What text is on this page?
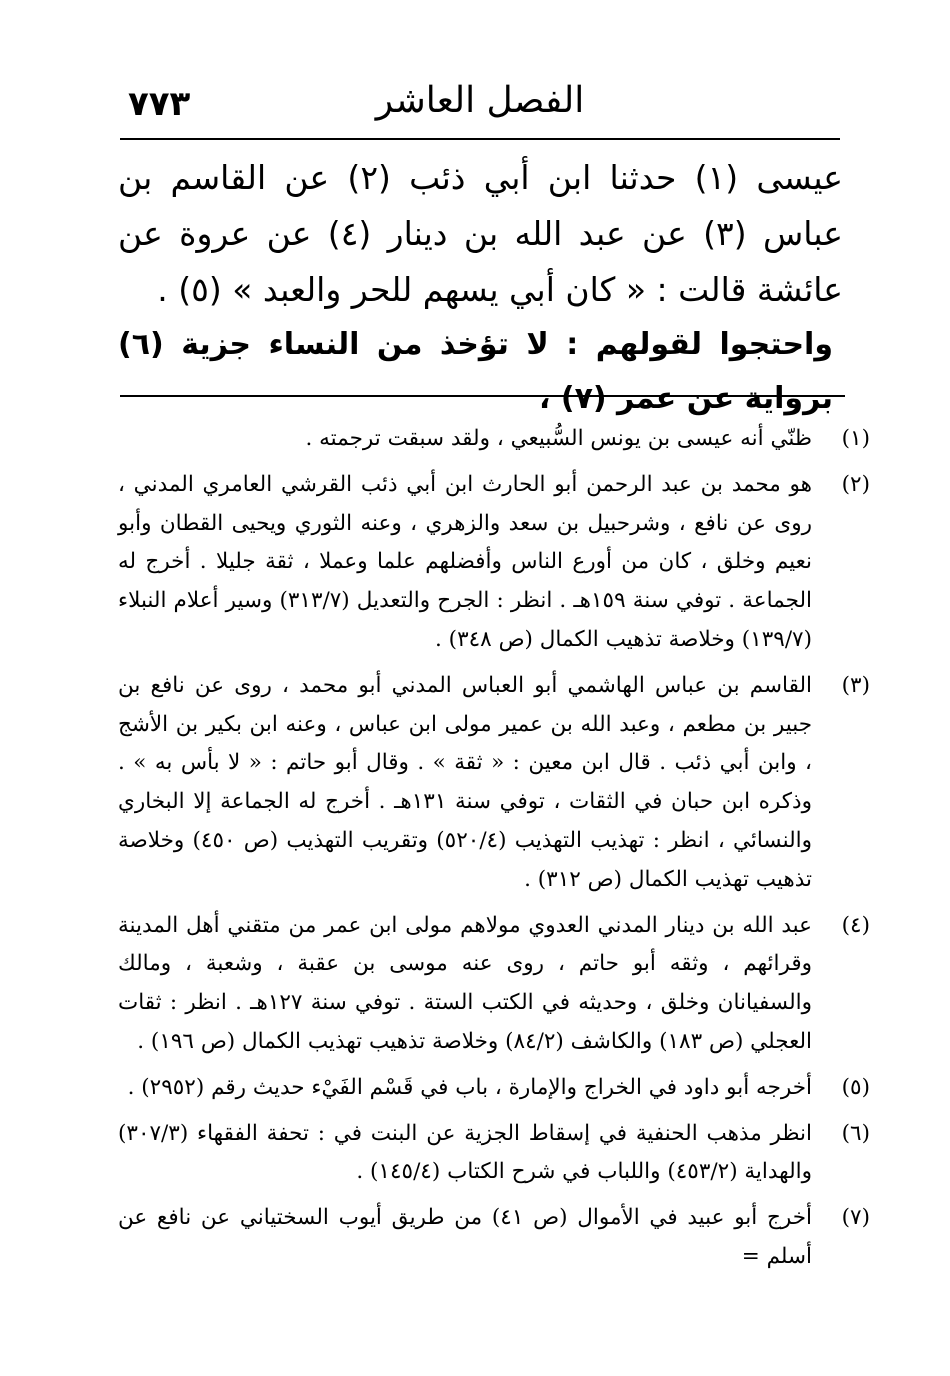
٧٧٣	الفصل العاشر

عيسى (١) حدثنا ابن أبي ذئب (٢) عن القاسم بن عباس (٣) عن عبد الله بن دينار (٤) عن عروة عن عائشة قالت : « كان أبي يسهم للحر والعبد » (٥) .

واحتجوا لقولهم : لا تؤخذ من النساء جزية (٦) برواية عن عمر (٧) ،

(١)
ظنّي أنه عيسى بن يونس السُّبيعي ، ولقد سبقت ترجمته .
(٢)
هو محمد بن عبد الرحمن أبو الحارث ابن أبي ذئب القرشي العامري المدني ، روى عن نافع ، وشرحبيل بن سعد والزهري ، وعنه الثوري ويحيى القطان وأبو نعيم وخلق ، كان من أورع الناس وأفضلهم علما وعملا ، ثقة جليلا . أخرج له الجماعة . توفي سنة ١٥٩هـ . انظر : الجرح والتعديل (٣١٣/٧) وسير أعلام النبلاء (١٣٩/٧) وخلاصة تذهيب الكمال (ص ٣٤٨) .
(٣)
القاسم بن عباس الهاشمي أبو العباس المدني أبو محمد ، روى عن نافع بن جبير بن مطعم ، وعبد الله بن عمير مولى ابن عباس ، وعنه ابن بكير بن الأشج ، وابن أبي ذئب . قال ابن معين : « ثقة » . وقال أبو حاتم : « لا بأس به » . وذكره ابن حبان في الثقات ، توفي سنة ١٣١هـ . أخرج له الجماعة إلا البخاري والنسائي ، انظر : تهذيب التهذيب (٥٢٠/٤) وتقريب التهذيب (ص ٤٥٠) وخلاصة تذهيب تهذيب الكمال (ص ٣١٢) .
(٤)
عبد الله بن دينار المدني العدوي مولاهم مولى ابن عمر من متقني أهل المدينة وقرائهم ، وثقه أبو حاتم ، روى عنه موسى بن عقبة ، وشعبة ، ومالك والسفيانان وخلق ، وحديثه في الكتب الستة . توفي سنة ١٢٧هـ . انظر : ثقات العجلي (ص ١٨٣) والكاشف (٨٤/٢) وخلاصة تذهيب تهذيب الكمال (ص ١٩٦) .
(٥)
أخرجه أبو داود في الخراج والإمارة ، باب في قَسْم الفَيْء حديث رقم (٢٩٥٢) .
(٦)
انظر مذهب الحنفية في إسقاط الجزية عن البنت في : تحفة الفقهاء (٣٠٧/٣) والهداية (٤٥٣/٢) واللباب في شرح الكتاب (١٤٥/٤) .
(٧)
أخرج أبو عبيد في الأموال (ص ٤١) من طريق أيوب السختياني عن نافع عن أسلم =
